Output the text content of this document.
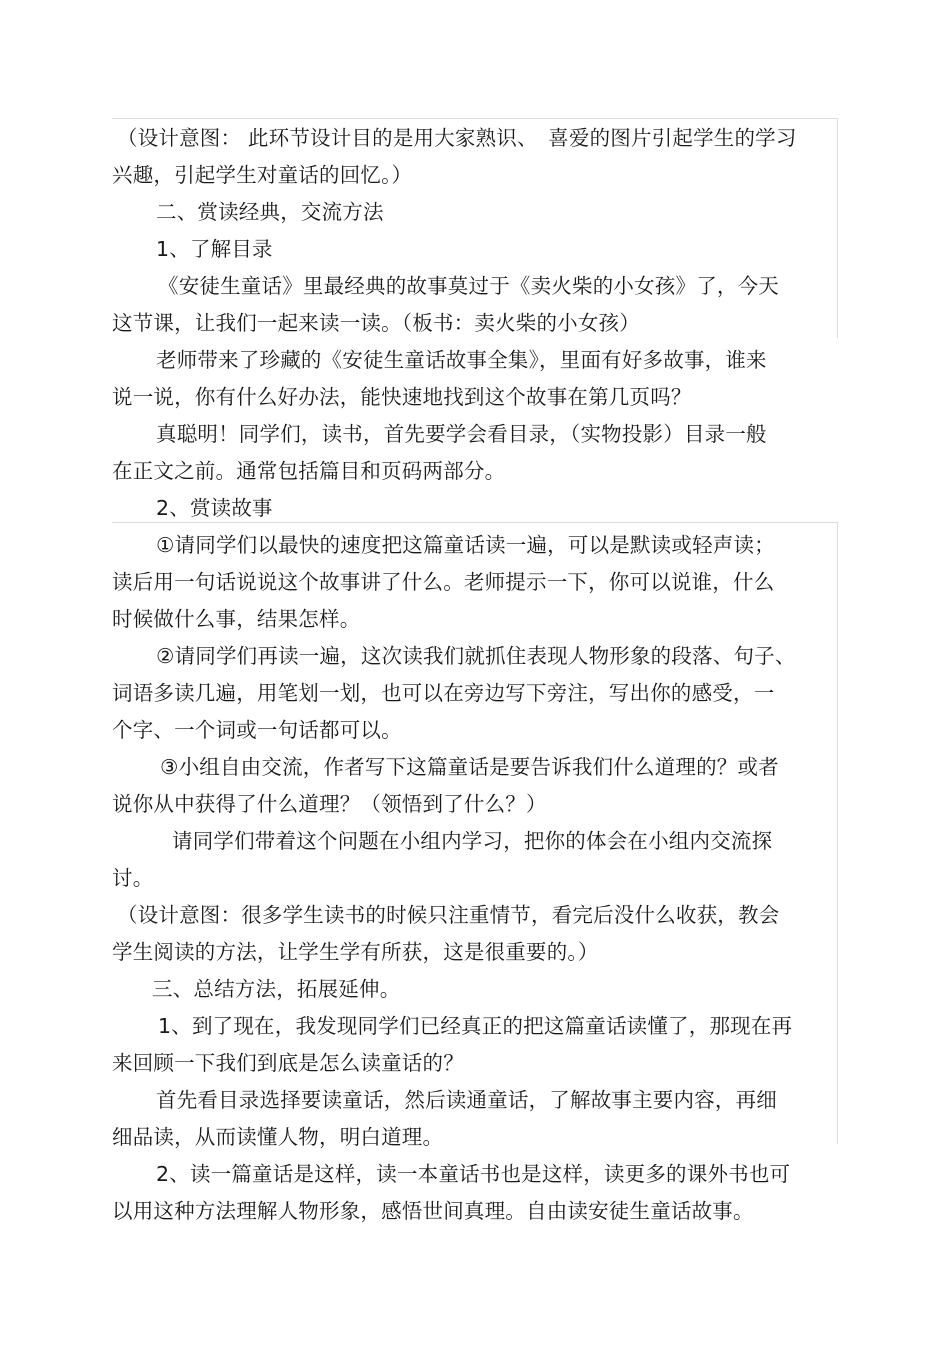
（设计意图： 此环节设计目的是用大家熟识、　喜爱的图片引起学生的学习
兴趣，引起学生对童话的回忆。）
二、赏读经典，交流方法
1、了解目录
《安徒生童话》里最经典的故事莫过于《卖火柴的小女孩》了，今天
这节课，让我们一起来读一读。（板书：卖火柴的小女孩）
老师带来了珍藏的《安徒生童话故事全集》，里面有好多故事，谁来
说一说，你有什么好办法，能快速地找到这个故事在第几页吗？
真聪明！同学们，读书，首先要学会看目录，（实物投影）目录一般
在正文之前。通常包括篇目和页码两部分。
2、赏读故事
①请同学们以最快的速度把这篇童话读一遍，可以是默读或轻声读；
读后用一句话说说这个故事讲了什么。老师提示一下，你可以说谁，什么
时候做什么事，结果怎样。
②请同学们再读一遍，这次读我们就抓住表现人物形象的段落、句子、
词语多读几遍，用笔划一划，也可以在旁边写下旁注，写出你的感受，一
个字、一个词或一句话都可以。
③小组自由交流，作者写下这篇童话是要告诉我们什么道理的？或者
说你从中获得了什么道理？（领悟到了什么？）
请同学们带着这个问题在小组内学习，把你的体会在小组内交流探
讨。
（设计意图：很多学生读书的时候只注重情节，看完后没什么收获，教会
学生阅读的方法，让学生学有所获，这是很重要的。）
三、总结方法，拓展延伸。
1、到了现在，我发现同学们已经真正的把这篇童话读懂了，那现在再
来回顾一下我们到底是怎么读童话的？
首先看目录选择要读童话，然后读通童话，了解故事主要内容，再细
细品读，从而读懂人物，明白道理。
2、读一篇童话是这样，读一本童话书也是这样，读更多的课外书也可
以用这种方法理解人物形象，感悟世间真理。自由读安徒生童话故事。
